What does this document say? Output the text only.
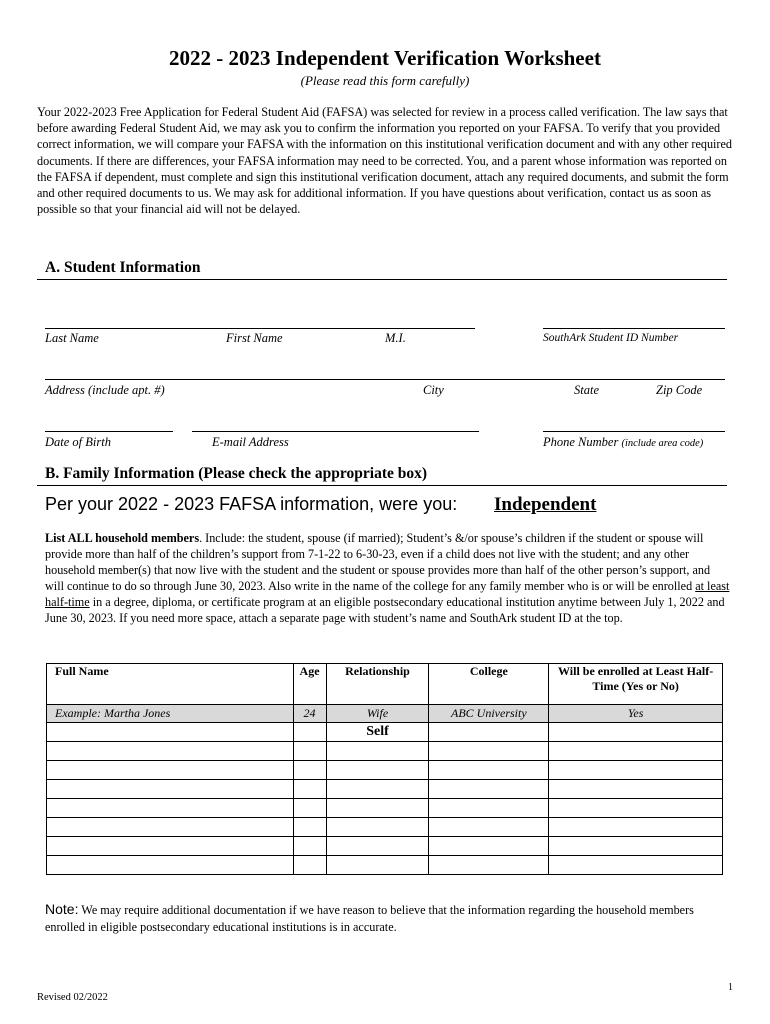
2022 - 2023 Independent Verification Worksheet
(Please read this form carefully)
Your 2022-2023 Free Application for Federal Student Aid (FAFSA) was selected for review in a process called verification. The law says that before awarding Federal Student Aid, we may ask you to confirm the information you reported on your FAFSA. To verify that you provided correct information, we will compare your FAFSA with the information on this institutional verification document and with any other required documents. If there are differences, your FAFSA information may need to be corrected. You, and a parent whose information was reported on the FAFSA if dependent, must complete and sign this institutional verification document, attach any required documents, and submit the form and other required documents to us. We may ask for additional information. If you have questions about verification, contact us as soon as possible so that your financial aid will not be delayed.
A. Student Information
Last Name	First Name	M.I.	SouthArk Student ID Number
Address (include apt. #)	City	State	Zip Code
Date of Birth	E-mail Address	Phone Number (include area code)
B. Family Information (Please check the appropriate box)
Per your 2022 - 2023 FAFSA information, were you: Independent
List ALL household members. Include: the student, spouse (if married); Student’s &/or spouse’s children if the student or spouse will provide more than half of the children’s support from 7-1-22 to 6-30-23, even if a child does not live with the student; and any other household member(s) that now live with the student and the student or spouse provides more than half of the other person’s support, and will continue to do so through June 30, 2023. Also write in the name of the college for any family member who is or will be enrolled at least half-time in a degree, diploma, or certificate program at an eligible postsecondary educational institution anytime between July 1, 2022 and June 30, 2023. If you need more space, attach a separate page with student’s name and SouthArk student ID at the top.
Full Name	Age	Relationship	College	Will be enrolled at Least Half-Time (Yes or No)
Example: Martha Jones	24	Wife	ABC University	Yes
		Self		

Note: We may require additional documentation if we have reason to believe that the information regarding the household members enrolled in eligible postsecondary educational institutions is in accurate.
1
Revised 02/2022
